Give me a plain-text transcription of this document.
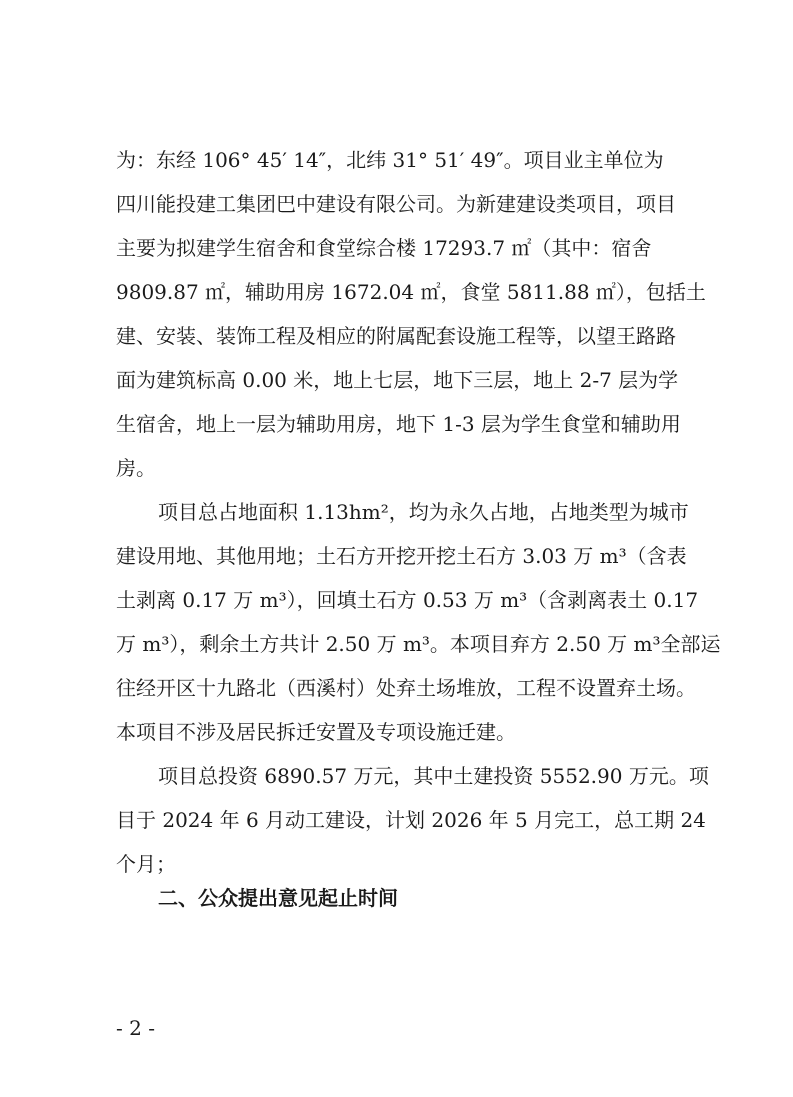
为：东经 106° 45′ 14″，北纬 31° 51′ 49″。项目业主单位为
四川能投建工集团巴中建设有限公司。为新建建设类项目，项目
主要为拟建学生宿舍和食堂综合楼 17293.7 ㎡（其中：宿舍
9809.87 ㎡，辅助用房 1672.04 ㎡，食堂 5811.88 ㎡），包括土
建、安装、装饰工程及相应的附属配套设施工程等，以望王路路
面为建筑标高 0.00 米，地上七层，地下三层，地上 2-7 层为学
生宿舍，地上一层为辅助用房，地下 1-3 层为学生食堂和辅助用
房。
项目总占地面积 1.13hm²，均为永久占地，占地类型为城市
建设用地、其他用地；土石方开挖开挖土石方 3.03 万 m³（含表
土剥离 0.17 万 m³），回填土石方 0.53 万 m³（含剥离表土 0.17
万 m³），剩余土方共计 2.50 万 m³。本项目弃方 2.50 万 m³全部运
往经开区十九路北（西溪村）处弃土场堆放，工程不设置弃土场。
本项目不涉及居民拆迁安置及专项设施迁建。
项目总投资 6890.57 万元，其中土建投资 5552.90 万元。项
目于 2024 年 6 月动工建设，计划 2026 年 5 月完工，总工期 24
个月；
二、公众提出意见起止时间
- 2 -
